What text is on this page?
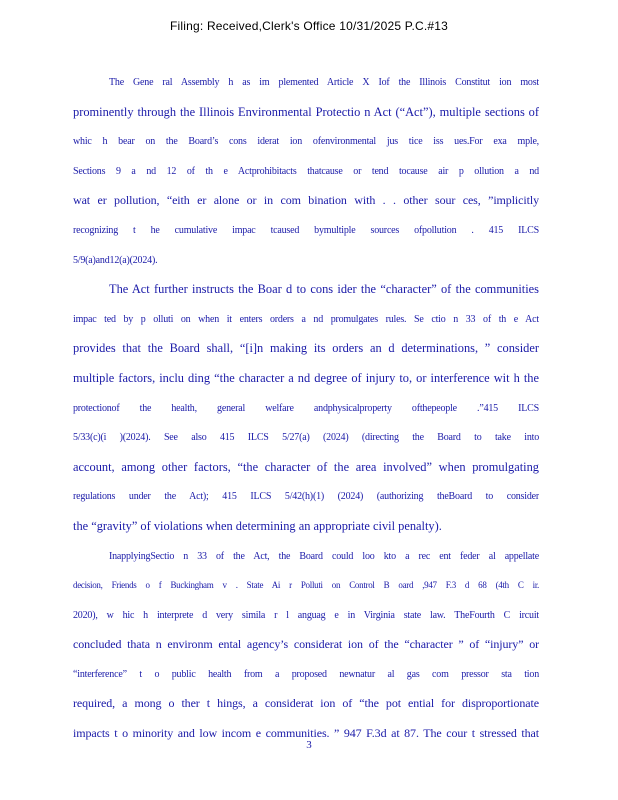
Filing: Received,Clerk's Office 10/31/2025 P.C.#13
The Gene ral Assembly h as im plemented Article X Iof the Illinois Constitut ion most
prominently through the Illinois Environmental Protectio n Act (“Act”), multiple sections of
whic h bear on the Board’s cons iderat ion ofenvironmental jus tice iss ues.For exa mple,
Sections 9 a nd 12 of th e Actprohibitacts thatcause or tend tocause air p ollution a nd
wat er pollution, “eith er alone or in com bination with . . other sour ces, ”implicitly
recognizing t he cumulative impac tcaused bymultiple sources ofpollution . 415 ILCS
5/9(a)and12(a)(2024).
The Act further instructs the Boar d to cons ider the “character” of the communities
impac ted by p olluti on when it enters orders a nd promulgates rules. Se ctio n 33 of th e Act
provides that the Board shall, “[i]n making its orders an d determinations, ” consider
multiple factors, inclu ding “the character a nd degree of injury to, or interference wit h the
protectionof the health, general welfare andphysicalproperty ofthepeople .”415 ILCS
5/33(c)(i )(2024). See also 415 ILCS 5/27(a) (2024) (directing the Board to take into
account, among other factors, “the character of the area involved” when promulgating
regulations under the Act); 415 ILCS 5/42(h)(1) (2024) (authorizing theBoard to consider
the “gravity” of violations when determining an appropriate civil penalty).
InapplyingSectio n 33 of the Act, the Board could loo kto a rec ent feder al appellate
decision, Friends o f Buckingham v . State Ai r Polluti on Control B oard ,947 F.3 d 68 (4th C ir.
2020), w hic h interprete d very simila r l anguag e in Virginia state law. TheFourth C ircuit
concluded thata n environm ental agency’s considerat ion of the “character ” of “injury” or
“interference” t o public health from a proposed newnatur al gas com pressor sta tion
required, a mong o ther t hings, a considerat ion of “the pot ential for disproportionate
impacts t o minority and low incom e communities. ” 947 F.3d at 87. The cour t stressed that
3
